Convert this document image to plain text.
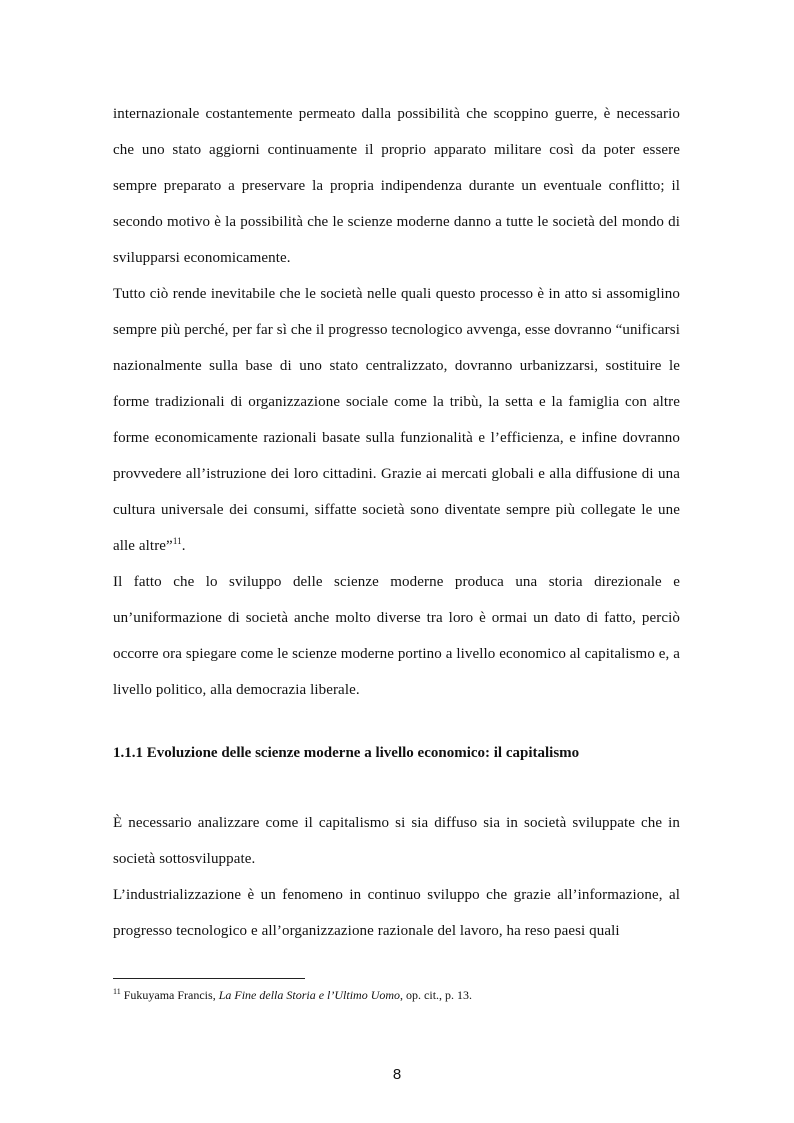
internazionale costantemente permeato dalla possibilità che scoppino guerre, è necessario che uno stato aggiorni continuamente il proprio apparato militare così da poter essere sempre preparato a preservare la propria indipendenza durante un eventuale conflitto; il secondo motivo è la possibilità che le scienze moderne danno a tutte le società del mondo di svilupparsi economicamente.

Tutto ciò rende inevitabile che le società nelle quali questo processo è in atto si assomiglino sempre più perché, per far sì che il progresso tecnologico avvenga, esse dovranno “unificarsi nazionalmente sulla base di uno stato centralizzato, dovranno urbanizzarsi, sostituire le forme tradizionali di organizzazione sociale come la tribù, la setta e la famiglia con altre forme economicamente razionali basate sulla funzionalità e l’efficienza, e infine dovranno provvedere all’istruzione dei loro cittadini. Grazie ai mercati globali e alla diffusione di una cultura universale dei consumi, siffatte società sono diventate sempre più collegate le une alle altre”$^{11}$.

Il fatto che lo sviluppo delle scienze moderne produca una storia direzionale e un’uniformazione di società anche molto diverse tra loro è ormai un dato di fatto, perciò occorre ora spiegare come le scienze moderne portino a livello economico al capitalismo e, a livello politico, alla democrazia liberale.

1.1.1 Evoluzione delle scienze moderne a livello economico: il capitalismo

È necessario analizzare come il capitalismo si sia diffuso sia in società sviluppate che in società sottosviluppate.

L’industrializzazione è un fenomeno in continuo sviluppo che grazie all’informazione, al progresso tecnologico e all’organizzazione razionale del lavoro, ha reso paesi quali

$^{11}$ Fukuyama Francis, La Fine della Storia e l’Ultimo Uomo, op. cit., p. 13.
8
